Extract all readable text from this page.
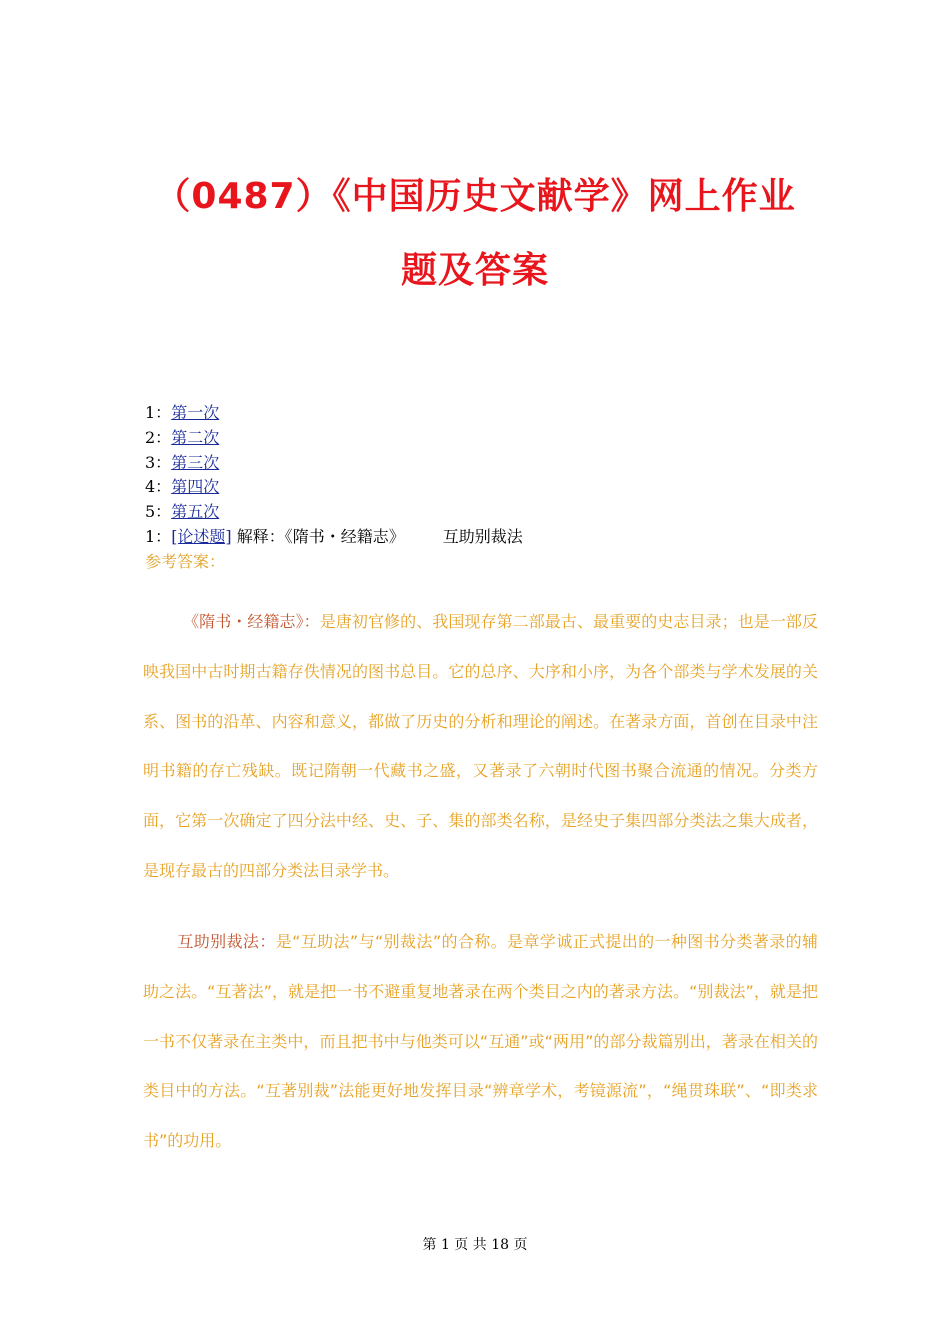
（0487）《中国历史文献学》网上作业
题及答案
1：第一次
2：第二次
3：第三次
4：第四次
5：第五次
1：[论述题] 解释：《隋书・经籍志》 互助别裁法
参考答案：
《隋书・经籍志》：是唐初官修的、我国现存第二部最古、最重要的史志目录；也是一部反映我国中古时期古籍存佚情况的图书总目。它的总序、大序和小序，为各个部类与学术发展的关系、图书的沿革、内容和意义，都做了历史的分析和理论的阐述。在著录方面，首创在目录中注明书籍的存亡残缺。既记隋朝一代藏书之盛，又著录了六朝时代图书聚合流通的情况。分类方面，它第一次确定了四分法中经、史、子、集的部类名称，是经史子集四部分类法之集大成者，是现存最古的四部分类法目录学书。
互助别裁法：是“互助法”与“别裁法”的合称。是章学诚正式提出的一种图书分类著录的辅助之法。“互著法”，就是把一书不避重复地著录在两个类目之内的著录方法。“别裁法”，就是把一书不仅著录在主类中，而且把书中与他类可以“互通”或“两用”的部分裁篇别出，著录在相关的类目中的方法。“互著别裁”法能更好地发挥目录“辨章学术，考镜源流”，“绳贯珠联”、“即类求书”的功用。
第 1 页 共 18 页
